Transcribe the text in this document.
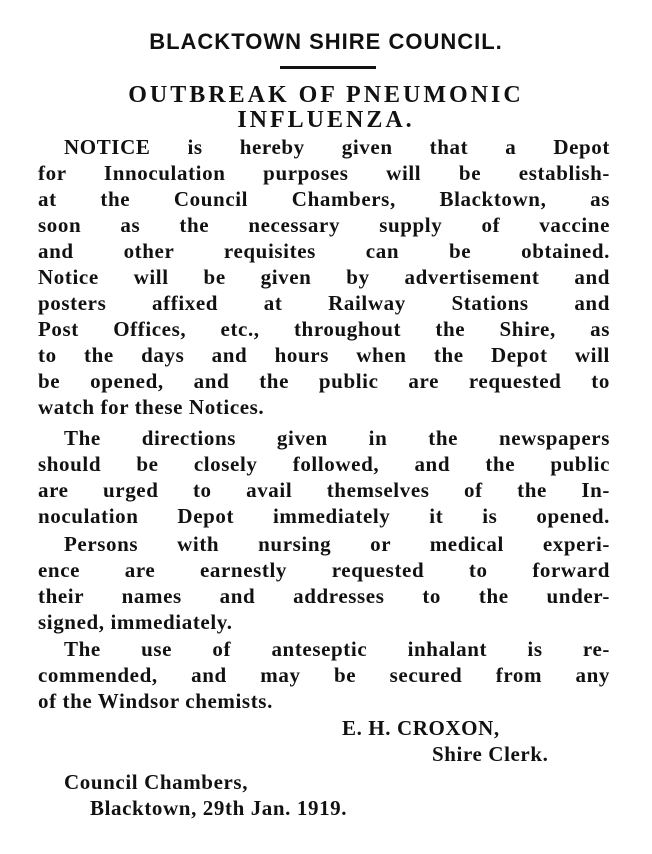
BLACKTOWN SHIRE COUNCIL.
OUTBREAK OF PNEUMONIC
INFLUENZA.
NOTICE is hereby given that a Depot
for Innoculation purposes will be establish-
at the Council Chambers, Blacktown, as
soon as the necessary supply of vaccine
and other requisites can be obtained.
Notice will be given by advertisement and
posters affixed at Railway Stations and
Post Offices, etc., throughout the Shire, as
to the days and hours when the Depot will
be opened, and the public are requested to
watch for these Notices.
The directions given in the newspapers
should be closely followed, and the public
are urged to avail themselves of the In-
noculation Depot immediately it is opened.
Persons with nursing or medical experi-
ence are earnestly requested to forward
their names and addresses to the under-
signed, immediately.
The use of anteseptic inhalant is re-
commended, and may be secured from any
of the Windsor chemists.
E. H. CROXON,
Shire Clerk.
Council Chambers,
Blacktown, 29th Jan. 1919.
